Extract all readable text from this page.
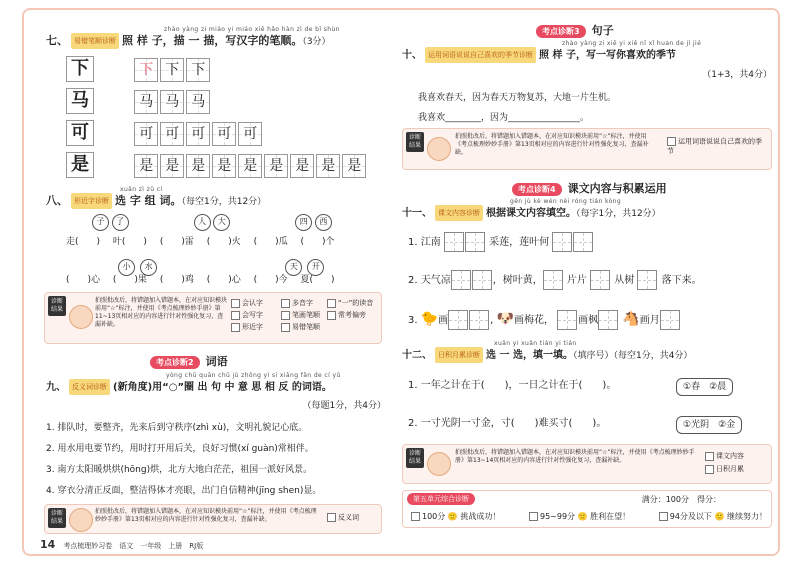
zhào yàng zi miáo yi miáo xiě hǎo hàn zì de bǐ shùn
七、 易错笔顺诊断 照 样 子，描 一 描，写汉字的笔顺。（3分）
下	下 下 下
马	马 马 马
可	可 可 可 可 可
是	是 是 是 是 是 是 是 是 是
xuǎn zì zǔ cí
八、 形近字诊断 选 字 组 词。（每空1分，共12分）
子 了	人 大	四 西
走(　　) 叶(　　) (　　)雷 (　　)火 (　　)瓜 (　　)个
小 水	天 开
(　　)心 (　　)果 (　　)鸡 (　　)心 (　　)今 夏(　　)
诊断结果
拍照批改后，将错题加入错题本，在对应知识模块前用“☆”标注，并使用《考点梳理妙妙手册》第11~13页相对应的内容进行针对性强化复习，查漏补缺。
会认字	多音字	“一”的读音
会写字	笔画笔顺	常考偏旁
形近字	易错笔顺
考点诊断2 词语
yòng chū quān chū jù zhōng yì si xiāng fǎn de cí yǔ
九、 反义词诊断 (新角度)用“○”圈 出 句 中 意 思 相 反 的词语。
（每题1分，共4分）
1. 排队时，要整齐，先来后到守秩序(zhì xù)，文明礼貌记心底。
2. 用水用电要节约，用时打开用后关，良好习惯(xí guàn)常相伴。
3. 南方太阳暖烘烘(hōng)烘，北方大地白茫茫，祖国一派好风景。
4. 穿衣分清正反面，整洁得体才亮眼，出门自信精神(jīng shen)显。
诊断结果
拍照批改后，将错题加入错题本，在对应知识模块前用“☆”标注，并使用《考点梳理妙妙手册》第13页相对应的内容进行针对性强化复习，查漏补缺。	反义词
14 考点梳理妙习卷　语文　一年级　上册　RJ版
考点诊断3 句子
zhào yàng zi xiě yi xiě nǐ xǐ huan de jì jié
十、 运用词语说说自己喜欢的季节诊断 照 样 子，写一写你喜欢的季节
（1+3，共4分）
我喜欢春天，因为春天万物复苏，大地一片生机。
我喜欢________，因为________________。
诊断结果
拍照批改后，将错题加入错题本，在对应知识模块前用“☆”标注，并使用《考点梳理妙妙手册》第13页相对应的内容进行针对性强化复习，查漏补缺。
运用词语说说自己喜欢的季节
考点诊断4 课文内容与积累运用
gēn jù kè wén nèi róng tián kòng
十一、 课文内容诊断 根据课文内容填空。（每字1分，共12分）
1. 江南	采莲，莲叶何
2. 天气凉	，树叶黄， 片片	从树	落下来。
3. 🐤画	, 🐶画梅花， 画枫 🐴画月
xuǎn yi xuǎn tián yi tián
十二、 日积月累诊断 选 一 选，填一填。（填序号）（每空1分，共4分）
1. 一年之计在于(　　)，一日之计在于(　　)。	①春　 ②晨
2. 一寸光阴一寸金，寸(　　)难买寸(　　)。	①光阴　 ②金
诊断结果
拍照批改后，将错题加入错题本，在对应知识模块前用“☆”标注，并使用《考点梳理妙妙手册》第13~14页相对应的内容进行针对性强化复习，查漏补缺。
课文内容
日积月累
第五单元综合诊断	满分：100分　得分：
100分 🙂 挑战成功！	95~99分 🙂 胜利在望！	94分及以下 🙂 继续努力！
